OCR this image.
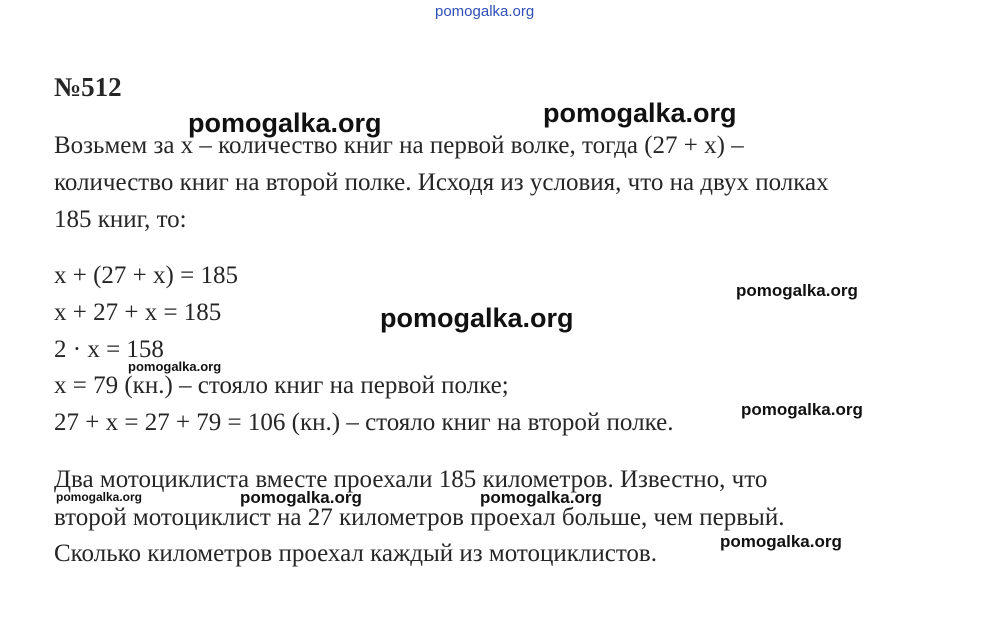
pomogalka.org
№512
Возьмем за х – количество книг на первой волке, тогда (27 + х) –
количество книг на второй полке. Исходя из условия, что на двух полках
185 книг, то:
х + (27 + х) = 185
х + 27 + х = 185
2 · х = 158
х = 79 (кн.) – стояло книг на первой полке;
27 + х = 27 + 79 = 106 (кн.) – стояло книг на второй полке.
Два мотоциклиста вместе проехали 185 километров. Известно, что
второй мотоциклист на 27 километров проехал больше, чем первый.
Сколько километров проехал каждый из мотоциклистов.
pomogalka.org
pomogalka.org
pomogalka.org
pomogalka.org
pomogalka.org
pomogalka.org	pomogalka.org
pomogalka.org
pomogalka.org
pomogalka.org
